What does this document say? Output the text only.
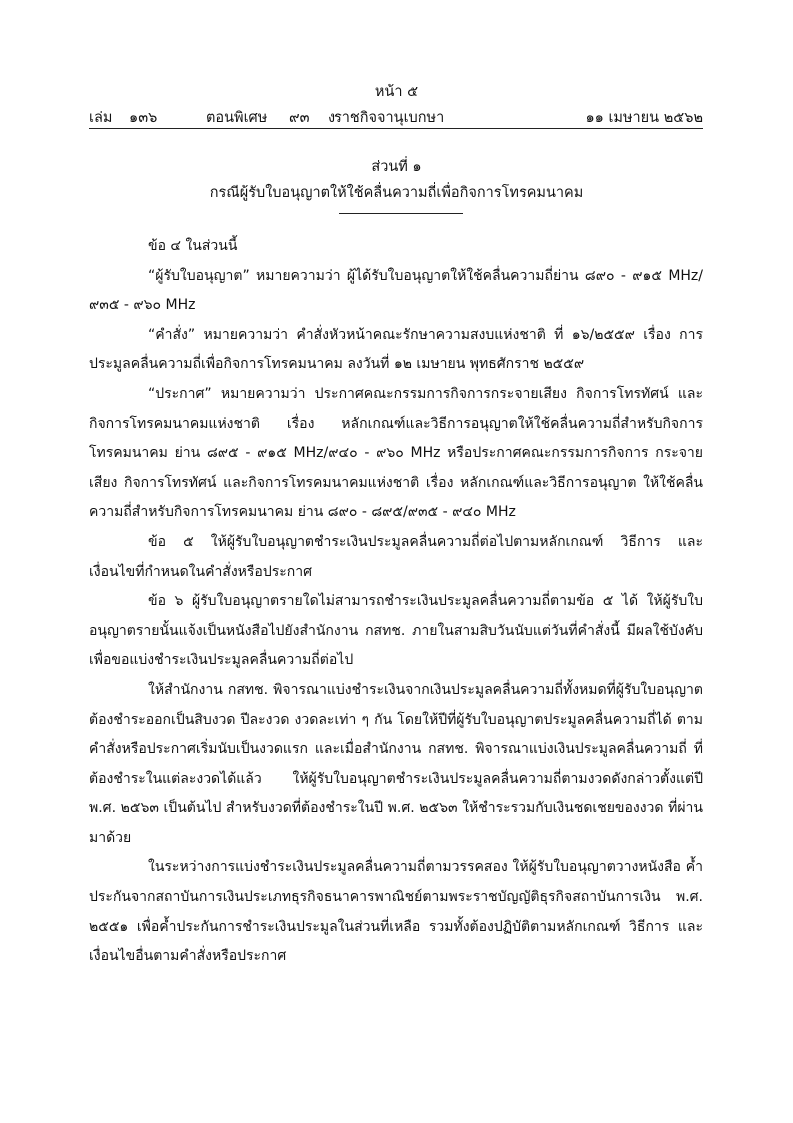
หน้า ๕
เล่ม ๑๓๖	ตอนพิเศษ ๙๓ ง
ราชกิจจานุเบกษา	๑๑ เมษายน ๒๕๖๒
ส่วนที่ ๑
กรณีผู้รับใบอนุญาตให้ใช้คลื่นความถี่เพื่อกิจการโทรคมนาคม

ข้อ ๔ ในส่วนนี้

“ผู้รับใบอนุญาต” หมายความว่า ผู้ได้รับใบอนุญาตให้ใช้คลื่นความถี่ย่าน ๘๙๐ - ๙๑๕ MHz/ ๙๓๕ - ๙๖๐ MHz

“คำสั่ง” หมายความว่า คำสั่งหัวหน้าคณะรักษาความสงบแห่งชาติ ที่ ๑๖/๒๕๕๙ เรื่อง การประมูลคลื่นความถี่เพื่อกิจการโทรคมนาคม ลงวันที่ ๑๒ เมษายน พุทธศักราช ๒๕๕๙

“ประกาศ” หมายความว่า ประกาศคณะกรรมการกิจการกระจายเสียง กิจการโทรทัศน์ และกิจการโทรคมนาคมแห่งชาติ เรื่อง หลักเกณฑ์และวิธีการอนุญาตให้ใช้คลื่นความถี่สำหรับกิจการ โทรคมนาคม ย่าน ๘๙๕ - ๙๑๕ MHz/๙๔๐ - ๙๖๐ MHz หรือประกาศคณะกรรมการกิจการ กระจายเสียง กิจการโทรทัศน์ และกิจการโทรคมนาคมแห่งชาติ เรื่อง หลักเกณฑ์และวิธีการอนุญาต ให้ใช้คลื่นความถี่สำหรับกิจการโทรคมนาคม ย่าน ๘๙๐ - ๘๙๕/๙๓๕ - ๙๔๐ MHz

ข้อ ๕ ให้ผู้รับใบอนุญาตชำระเงินประมูลคลื่นความถี่ต่อไปตามหลักเกณฑ์ วิธีการ และ เงื่อนไขที่กำหนดในคำสั่งหรือประกาศ

ข้อ ๖ ผู้รับใบอนุญาตรายใดไม่สามารถชำระเงินประมูลคลื่นความถี่ตามข้อ ๕ ได้ ให้ผู้รับใบอนุญาตรายนั้นแจ้งเป็นหนังสือไปยังสำนักงาน กสทช. ภายในสามสิบวันนับแต่วันที่คำสั่งนี้ มีผลใช้บังคับ เพื่อขอแบ่งชำระเงินประมูลคลื่นความถี่ต่อไป

ให้สำนักงาน กสทช. พิจารณาแบ่งชำระเงินจากเงินประมูลคลื่นความถี่ทั้งหมดที่ผู้รับใบอนุญาต ต้องชำระออกเป็นสิบงวด ปีละงวด งวดละเท่า ๆ กัน โดยให้ปีที่ผู้รับใบอนุญาตประมูลคลื่นความถี่ได้ ตามคำสั่งหรือประกาศเริ่มนับเป็นงวดแรก และเมื่อสำนักงาน กสทช. พิจารณาแบ่งเงินประมูลคลื่นความถี่ ที่ต้องชำระในแต่ละงวดได้แล้ว ให้ผู้รับใบอนุญาตชำระเงินประมูลคลื่นความถี่ตามงวดดังกล่าวตั้งแต่ปี พ.ศ. ๒๕๖๓ เป็นต้นไป สำหรับงวดที่ต้องชำระในปี พ.ศ. ๒๕๖๓ ให้ชำระรวมกับเงินชดเชยของงวด ที่ผ่านมาด้วย

ในระหว่างการแบ่งชำระเงินประมูลคลื่นความถี่ตามวรรคสอง ให้ผู้รับใบอนุญาตวางหนังสือ ค้ำประกันจากสถาบันการเงินประเภทธุรกิจธนาคารพาณิชย์ตามพระราชบัญญัติธุรกิจสถาบันการเงิน พ.ศ. ๒๕๕๑ เพื่อค้ำประกันการชำระเงินประมูลในส่วนที่เหลือ รวมทั้งต้องปฏิบัติตามหลักเกณฑ์ วิธีการ และเงื่อนไขอื่นตามคำสั่งหรือประกาศ
